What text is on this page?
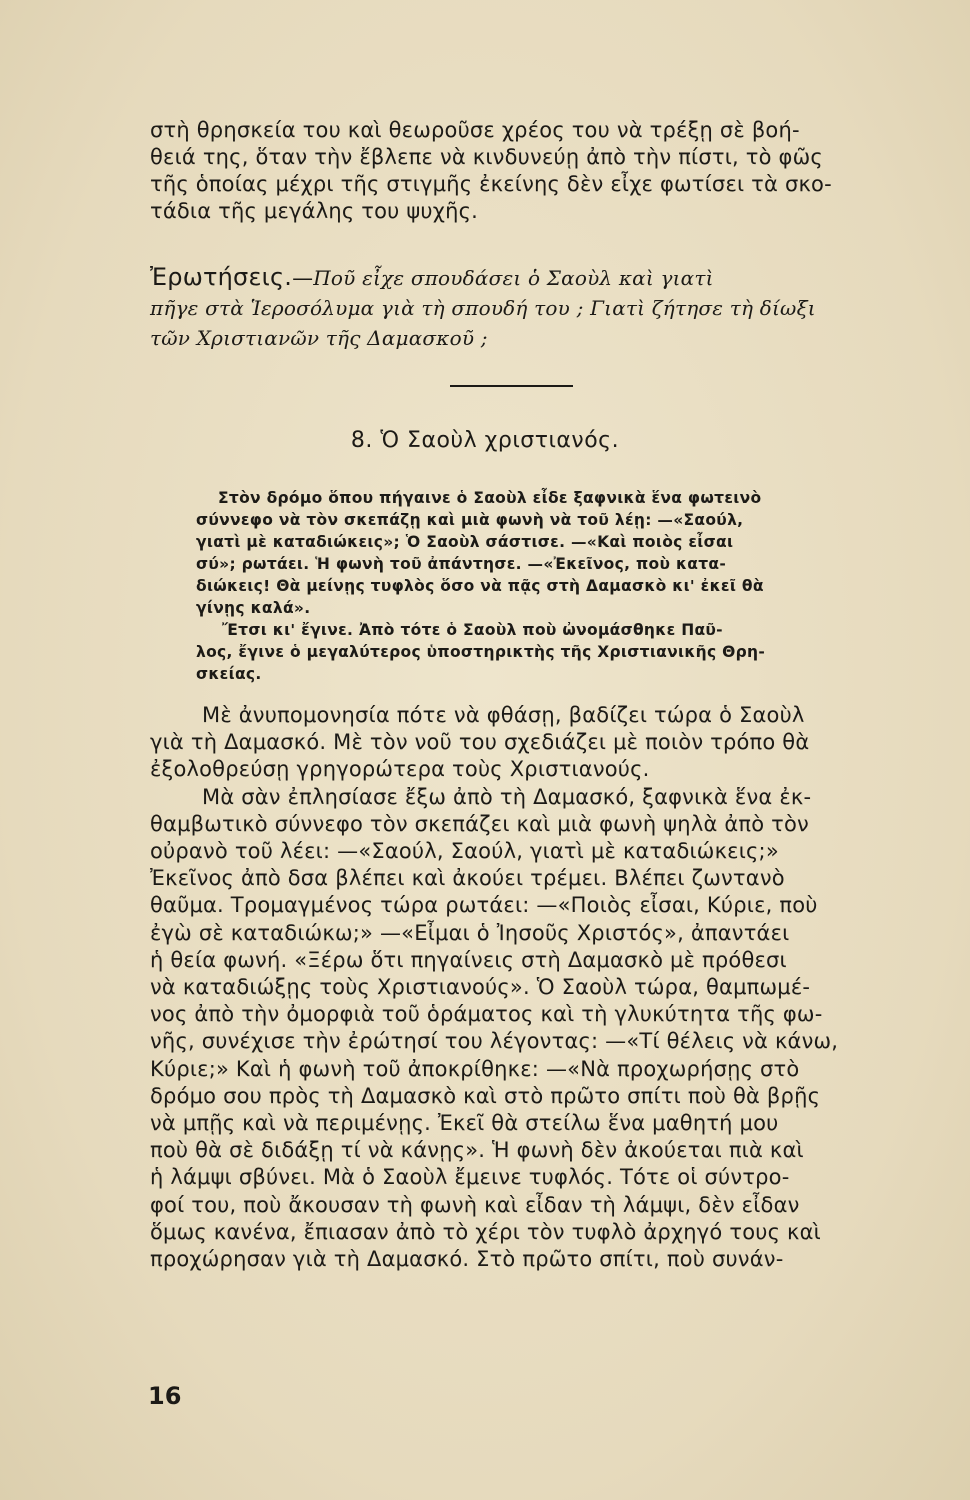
στὴ θρησκεία του καὶ θεωροῦσε χρέος του νὰ τρέξῃ σὲ βοή-
θειά της, ὅταν τὴν ἔβλεπε νὰ κινδυνεύῃ ἀπὸ τὴν πίστι, τὸ φῶς
τῆς ὁποίας μέχρι τῆς στιγμῆς ἐκείνης δὲν εἶχε φωτίσει τὰ σκο-
τάδια τῆς μεγάλης του ψυχῆς.
Ἐρωτήσεις.—Ποῦ εἶχε σπουδάσει ὁ Σαοὺλ καὶ γιατὶ
πῆγε στὰ Ἱεροσόλυμα γιὰ τὴ σπουδή του ; Γιατὶ ζήτησε τὴ δίωξι
τῶν Χριστιανῶν τῆς Δαμασκοῦ ;
8. Ὁ Σαοὺλ χριστιανός.
Στὸν δρόμο ὅπου πήγαινε ὁ Σαοὺλ εἶδε ξαφνικὰ ἕνα φωτεινὸ
σύννεφο νὰ τὸν σκεπάζῃ καὶ μιὰ φωνὴ νὰ τοῦ λέῃ: —«Σαούλ,
γιατὶ μὲ καταδιώκεις»; Ὁ Σαοὺλ σάστισε. —«Καὶ ποιὸς εἶσαι
σύ»; ρωτάει. Ἡ φωνὴ τοῦ ἀπάντησε. —«Ἐκεῖνος, ποὺ κατα-
διώκεις! Θὰ μείνῃς τυφλὸς ὅσο νὰ πᾷς στὴ Δαμασκὸ κι' ἐκεῖ θὰ
γίνῃς καλά».
Ἔτσι κι' ἔγινε. Ἀπὸ τότε ὁ Σαοὺλ ποὺ ὠνομάσθηκε Παῦ-
λος, ἔγινε ὁ μεγαλύτερος ὑποστηρικτὴς τῆς Χριστιανικῆς Θρη-
σκείας.
Μὲ ἀνυπομονησία πότε νὰ φθάσῃ, βαδίζει τώρα ὁ Σαοὺλ
γιὰ τὴ Δαμασκό. Μὲ τὸν νοῦ του σχεδιάζει μὲ ποιὸν τρόπο θὰ
ἐξολοθρεύσῃ γρηγορώτερα τοὺς Χριστιανούς.
Μὰ σὰν ἐπλησίασε ἔξω ἀπὸ τὴ Δαμασκό, ξαφνικὰ ἕνα ἐκ-
θαμβωτικὸ σύννεφο τὸν σκεπάζει καὶ μιὰ φωνὴ ψηλὰ ἀπὸ τὸν
οὐρανὸ τοῦ λέει: —«Σαούλ, Σαούλ, γιατὶ μὲ καταδιώκεις;»
Ἐκεῖνος ἀπὸ δσα βλέπει καὶ ἀκούει τρέμει. Βλέπει ζωντανὸ
θαῦμα. Τρομαγμένος τώρα ρωτάει: —«Ποιὸς εἶσαι, Κύριε, ποὺ
ἐγὼ σὲ καταδιώκω;» —«Εἶμαι ὁ Ἰησοῦς Χριστός», ἀπαντάει
ἡ θεία φωνή. «Ξέρω ὅτι πηγαίνεις στὴ Δαμασκὸ μὲ πρόθεσι
νὰ καταδιώξῃς τοὺς Χριστιανούς». Ὁ Σαοὺλ τώρα, θαμπωμέ-
νος ἀπὸ τὴν ὀμορφιὰ τοῦ ὁράματος καὶ τὴ γλυκύτητα τῆς φω-
νῆς, συνέχισε τὴν ἐρώτησί του λέγοντας: —«Τί θέλεις νὰ κάνω,
Κύριε;» Καὶ ἡ φωνὴ τοῦ ἀποκρίθηκε: —«Νὰ προχωρήσῃς στὸ
δρόμο σου πρὸς τὴ Δαμασκὸ καὶ στὸ πρῶτο σπίτι ποὺ θὰ βρῇς
νὰ μπῇς καὶ νὰ περιμένῃς. Ἐκεῖ θὰ στείλω ἕνα μαθητή μου
ποὺ θὰ σὲ διδάξῃ τί νὰ κάνῃς». Ἡ φωνὴ δὲν ἀκούεται πιὰ καὶ
ἡ λάμψι σβύνει. Μὰ ὁ Σαοὺλ ἔμεινε τυφλός. Τότε οἱ σύντρο-
φοί του, ποὺ ἄκουσαν τὴ φωνὴ καὶ εἶδαν τὴ λάμψι, δὲν εἶδαν
ὅμως κανένα, ἔπιασαν ἀπὸ τὸ χέρι τὸν τυφλὸ ἀρχηγό τους καὶ
προχώρησαν γιὰ τὴ Δαμασκό. Στὸ πρῶτο σπίτι, ποὺ συνάν-
16
